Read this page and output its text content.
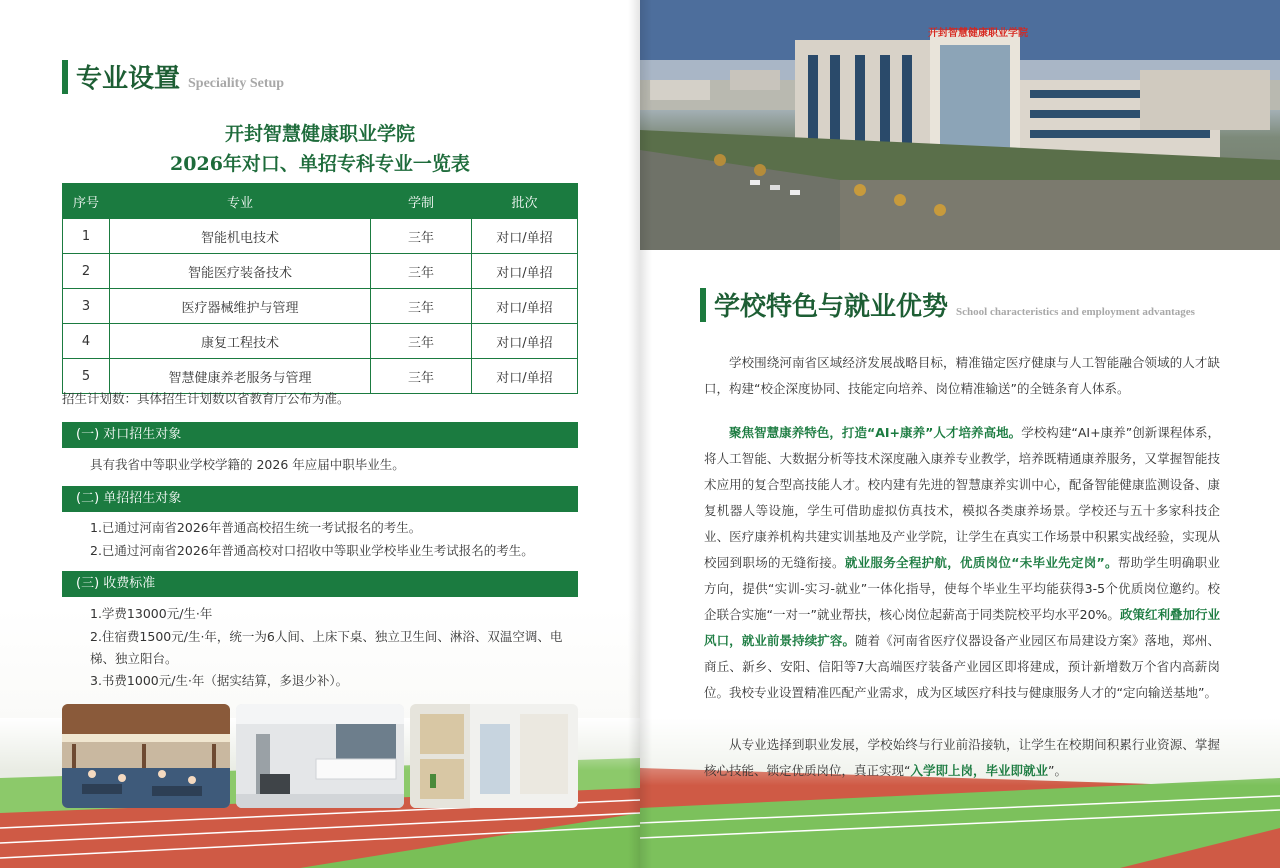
专业设置 Speciality Setup
开封智慧健康职业学院
2026年对口、单招专科专业一览表
序号	专业	学制	批次
1	智能机电技术	三年	对口/单招
2	智能医疗装备技术	三年	对口/单招
3	医疗器械维护与管理	三年	对口/单招
4	康复工程技术	三年	对口/单招
5	智慧健康养老服务与管理	三年	对口/单招
招生计划数：具体招生计划数以省教育厅公布为准。
(一) 对口招生对象
具有我省中等职业学校学籍的 2026 年应届中职毕业生。
(二) 单招招生对象
1.已通过河南省2026年普通高校招生统一考试报名的考生。
2.已通过河南省2026年普通高校对口招收中等职业学校毕业生考试报名的考生。
(三) 收费标准
1.学费13000元/生·年
2.住宿费1500元/生·年，统一为6人间、上床下桌、独立卫生间、淋浴、双温空调、电梯、独立阳台。
3.书费1000元/生·年（据实结算，多退少补）。
开封智慧健康职业学院
学校特色与就业优势 School characteristics and employment advantages
学校围绕河南省区域经济发展战略目标，精准锚定医疗健康与人工智能融合领域的人才缺口，构建“校企深度协同、技能定向培养、岗位精准输送”的全链条育人体系。
聚焦智慧康养特色，打造“AI+康养”人才培养高地。学校构建“AI+康养”创新课程体系，将人工智能、大数据分析等技术深度融入康养专业教学，培养既精通康养服务，又掌握智能技术应用的复合型高技能人才。校内建有先进的智慧康养实训中心，配备智能健康监测设备、康复机器人等设施，学生可借助虚拟仿真技术，模拟各类康养场景。学校还与五十多家科技企业、医疗康养机构共建实训基地及产业学院，让学生在真实工作场景中积累实战经验，实现从校园到职场的无缝衔接。就业服务全程护航，优质岗位“未毕业先定岗”。帮助学生明确职业方向，提供“实训-实习-就业”一体化指导，使每个毕业生平均能获得3-5个优质岗位邀约。校企联合实施“一对一”就业帮扶，核心岗位起薪高于同类院校平均水平20%。政策红利叠加行业风口，就业前景持续扩容。随着《河南省医疗仪器设备产业园区布局建设方案》落地，郑州、商丘、新乡、安阳、信阳等7大高端医疗装备产业园区即将建成，预计新增数万个省内高薪岗位。我校专业设置精准匹配产业需求，成为区域医疗科技与健康服务人才的“定向输送基地”。
从专业选择到职业发展，学校始终与行业前沿接轨，让学生在校期间积累行业资源、掌握核心技能、锁定优质岗位，真正实现“入学即上岗，毕业即就业”。
